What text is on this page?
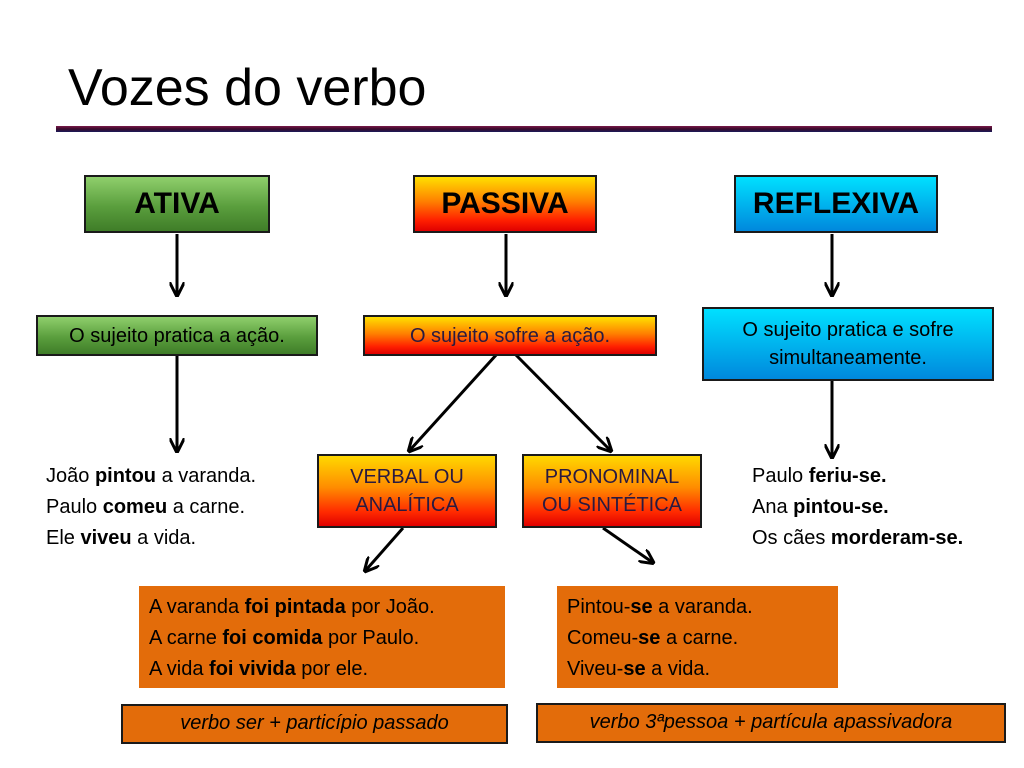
Vozes do verbo
ATIVA	PASSIVA	REFLEXIVA
O sujeito pratica a ação.	O sujeito sofre a ação.	O sujeito pratica e sofre
simultaneamente.
VERBAL OU
ANALÍTICA
PRONOMINAL
OU SINTÉTICA
João pintou a varanda.
Paulo comeu a carne.
Ele viveu a vida.
Paulo feriu-se.
Ana pintou-se.
Os cães morderam-se.
A varanda foi pintada por João.
A carne foi comida por Paulo.
A vida foi vivida por ele.
Pintou-se a varanda.
Comeu-se a carne.
Viveu-se a vida.
verbo ser + particípio passado	verbo 3ªpessoa + partícula apassivadora
